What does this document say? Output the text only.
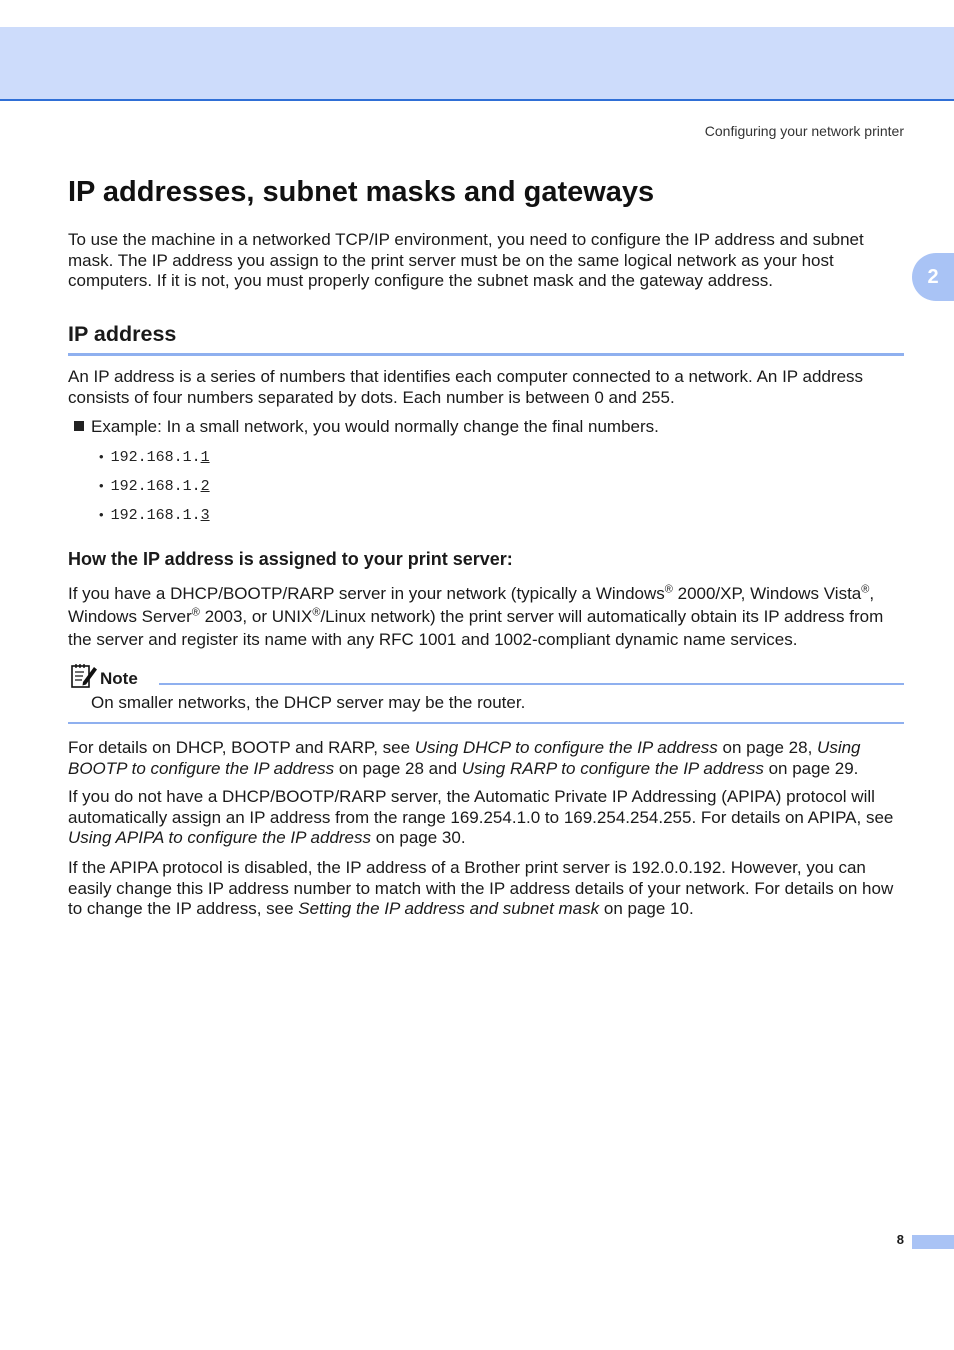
Configuring your network printer
2
IP addresses, subnet masks and gateways

To use the machine in a networked TCP/IP environment, you need to configure the IP address and subnet mask. The IP address you assign to the print server must be on the same logical network as your host computers. If it is not, you must properly configure the subnet mask and the gateway address.

IP address

An IP address is a series of numbers that identifies each computer connected to a network. An IP address consists of four numbers separated by dots. Each number is between 0 and 255.

Example: In a small network, you would normally change the final numbers.
• 192.168.1.1
• 192.168.1.2
• 192.168.1.3
How the IP address is assigned to your print server:

If you have a DHCP/BOOTP/RARP server in your network (typically a Windows® 2000/XP, Windows Vista®, Windows Server® 2003, or UNIX®/Linux network) the print server will automatically obtain its IP address from the server and register its name with any RFC 1001 and 1002-compliant dynamic name services.

Note
On smaller networks, the DHCP server may be the router.

For details on DHCP, BOOTP and RARP, see Using DHCP to configure the IP address on page 28, Using BOOTP to configure the IP address on page 28 and Using RARP to configure the IP address on page 29.

If you do not have a DHCP/BOOTP/RARP server, the Automatic Private IP Addressing (APIPA) protocol will automatically assign an IP address from the range 169.254.1.0 to 169.254.254.255. For details on APIPA, see Using APIPA to configure the IP address on page 30.

If the APIPA protocol is disabled, the IP address of a Brother print server is 192.0.0.192. However, you can easily change this IP address number to match with the IP address details of your network. For details on how to change the IP address, see Setting the IP address and subnet mask on page 10.

8
